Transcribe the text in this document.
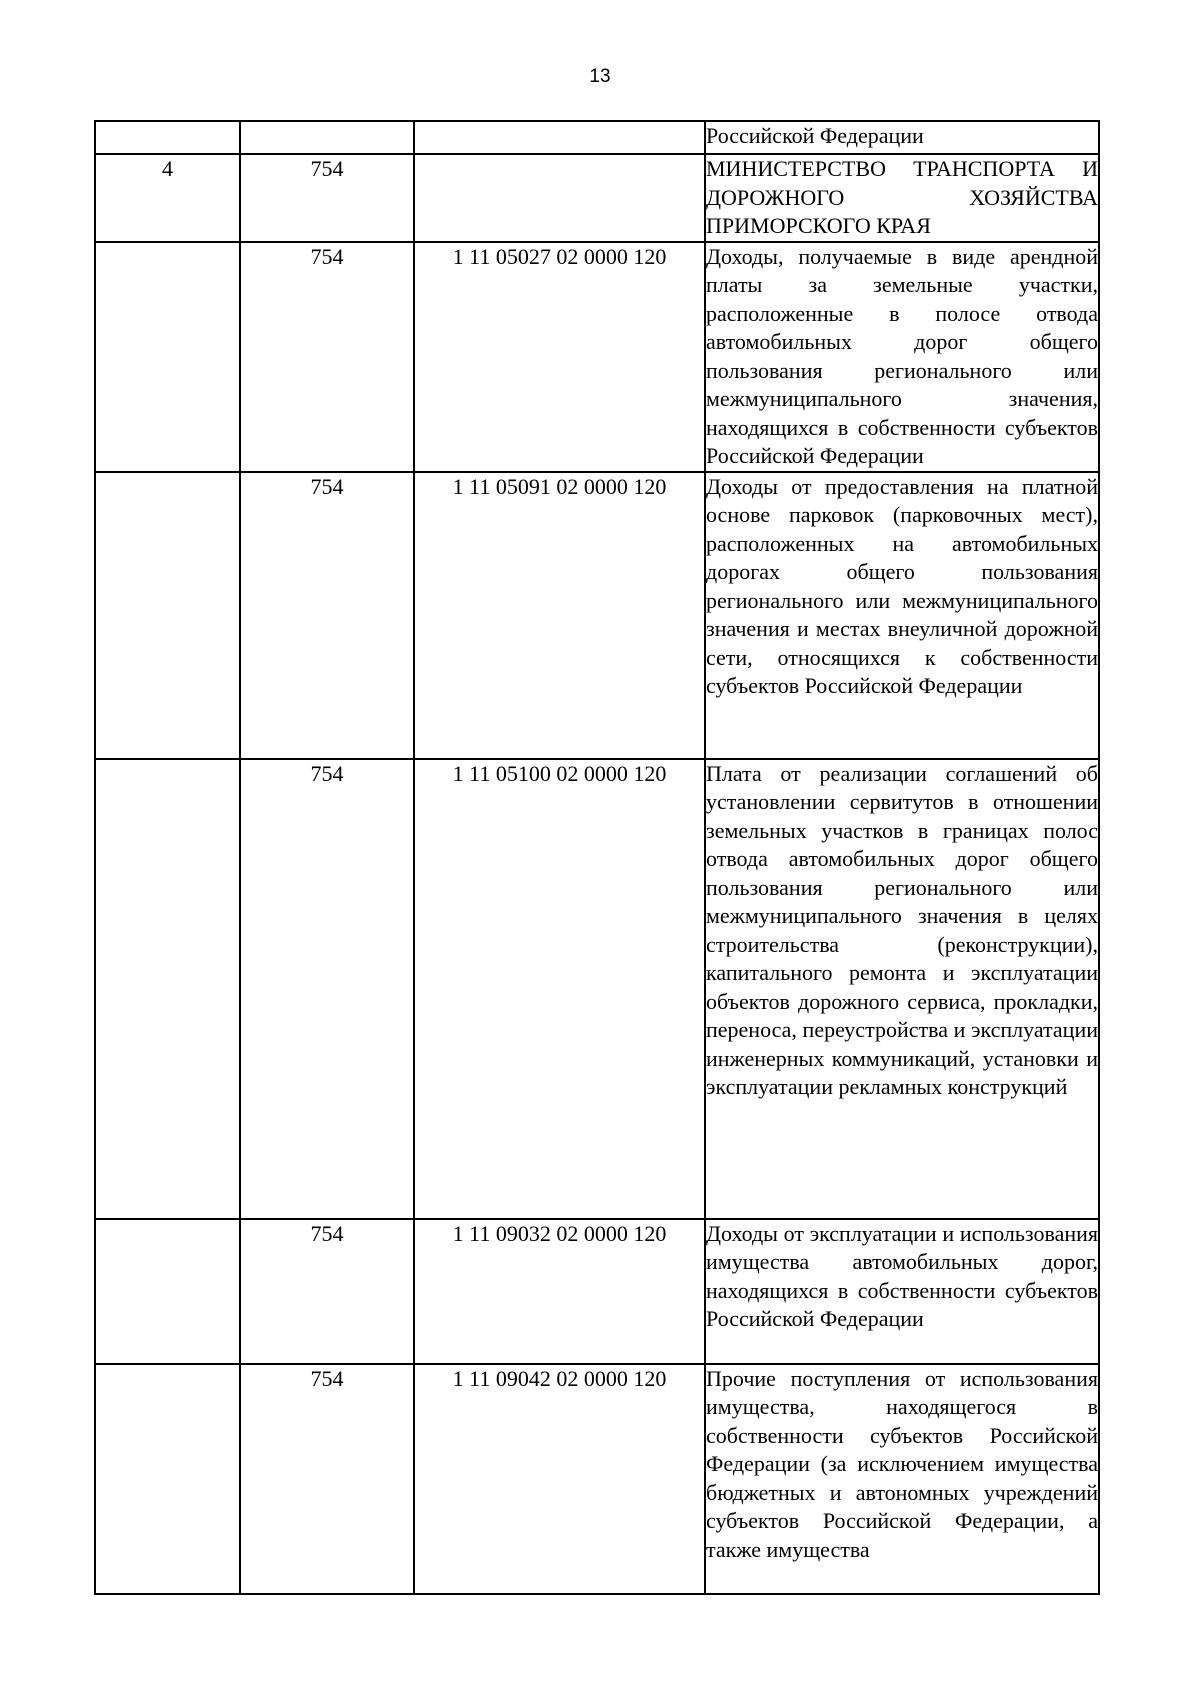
13
			Российской Федерации
4	754		МИНИСТЕРСТВО ТРАНСПОРТА И ДОРОЖНОГО ХОЗЯЙСТВА ПРИМОРСКОГО КРАЯ
	754	1 11 05027 02 0000 120	Доходы, получаемые в виде арендной платы за земельные участки, расположенные в полосе отвода автомобильных дорог общего пользования регионального или межмуниципального значения, находящихся в собственности субъектов Российской Федерации
	754	1 11 05091 02 0000 120	Доходы от предоставления на платной основе парковок (парковочных мест), расположенных на автомобильных дорогах общего пользования регионального или межмуниципального значения и местах внеуличной дорожной сети, относящихся к собственности субъектов Российской Федерации
	754	1 11 05100 02 0000 120	Плата от реализации соглашений об установлении сервитутов в отношении земельных участков в границах полос отвода автомобильных дорог общего пользования регионального или межмуниципального значения в целях строительства (реконструкции), капитального ремонта и эксплуатации объектов дорожного сервиса, прокладки, переноса, переустройства и эксплуатации инженерных коммуникаций, установки и эксплуатации рекламных конструкций
	754	1 11 09032 02 0000 120	Доходы от эксплуатации и использования имущества автомобильных дорог, находящихся в собственности субъектов Российской Федерации
	754	1 11 09042 02 0000 120	Прочие поступления от использования имущества, находящегося в собственности субъектов Российской Федерации (за исключением имущества бюджетных и автономных учреждений субъектов Российской Федерации, а также имущества
